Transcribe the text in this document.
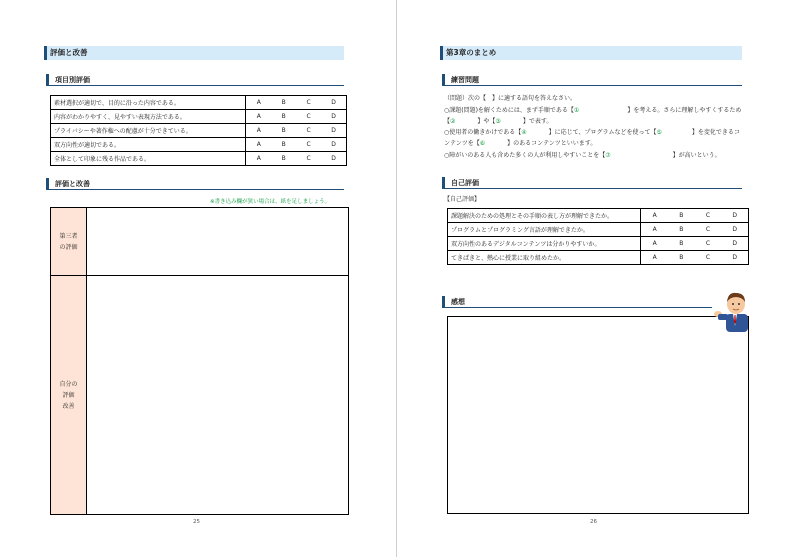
評価と改善
項目別評価
素材選択が適切で、目的に沿った内容である。	A B C D

内容がわかりやすく、見やすい表現方法である。	A B C D

プライバシーや著作権への配慮が十分できている。	A B C D

双方向性が適切である。	A B C D

全体として印象に残る作品である。	A B C D
評価と改善
※書き込み欄が狭い場合は、紙を足しましょう。
第三者
の評価
自分の
評価
改善
25
第3章のまとめ
練習問題
（問題）次の【　】に適する語句を答えなさい。
○課題(問題)を解くためには、まず手順である【①	】を考える。さらに理解しやすくするため
【②	】や【③	】で表す。
○使用者の働きかけである【④	】に応じて、プログラムなどを使って【⑤	】を変化できるコ
ンテンツを【⑥	】のあるコンテンツといいます。
○障がいのある人も含めた多くの人が利用しやすいことを【⑦	】が高いという。
自己評価
【自己評価】
課題解決のための処理とその手順の表し方が理解できたか。	A B C D

プログラムとプログラミング言語が理解できたか。	A B C D

双方向性のあるデジタルコンテンツは分かりやすいか。	A B C D

てきぱきと、熱心に授業に取り組めたか。	A B C D
感想
26
